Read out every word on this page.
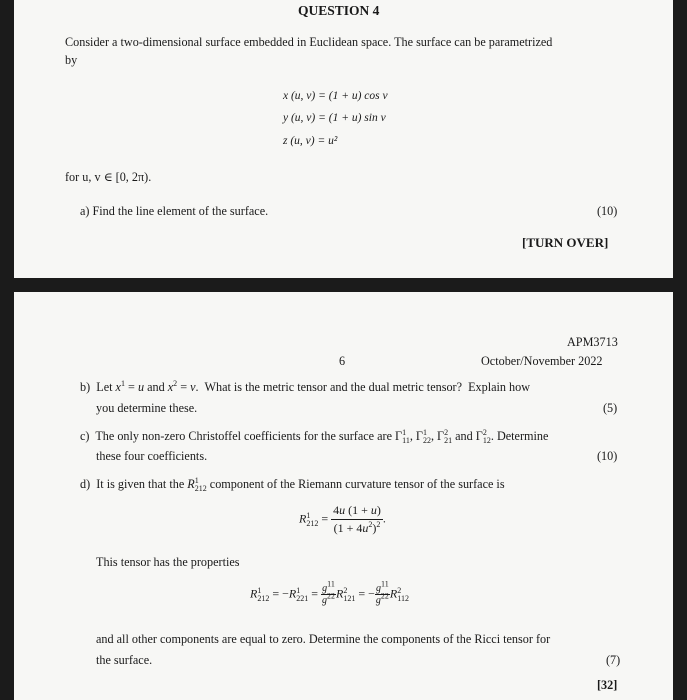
QUESTION 4
Consider a two-dimensional surface embedded in Euclidean space. The surface can be parametrized
by
x (u, v) = (1 + u) cos v
y (u, v) = (1 + u) sin v
z (u, v) = u²
for u, v ∈ [0, 2π).
a) Find the line element of the surface.	(10)
[TURN OVER]
APM3713
6	October/November 2022
b)  Let $x^1 = u$ and $x^2 = v$.  What is the metric tensor and the dual metric tensor?  Explain how
you determine these.	(5)
c)  The only non-zero Christoffel coefficients for the surface are Γ 1
11 , Γ 1
22 , Γ 2
21 and Γ 2
12 . Determine
these four coefficients.	(10)
d)  It is given that the R 1
212 component of the Riemann curvature tensor of the surface is
R 1
$212 = \frac{4u (1 + u)}{(1 + 4u^2)^2}$ .
This tensor has the properties
R 1
212 = −R 1
$221 = \frac{g^{11}}{g^{22}}$ R 2
121 = − $\frac{g^{11}}{g^{22}}$ R 2
112
and all other components are equal to zero. Determine the components of the Ricci tensor for
the surface.	(7)
[32]
